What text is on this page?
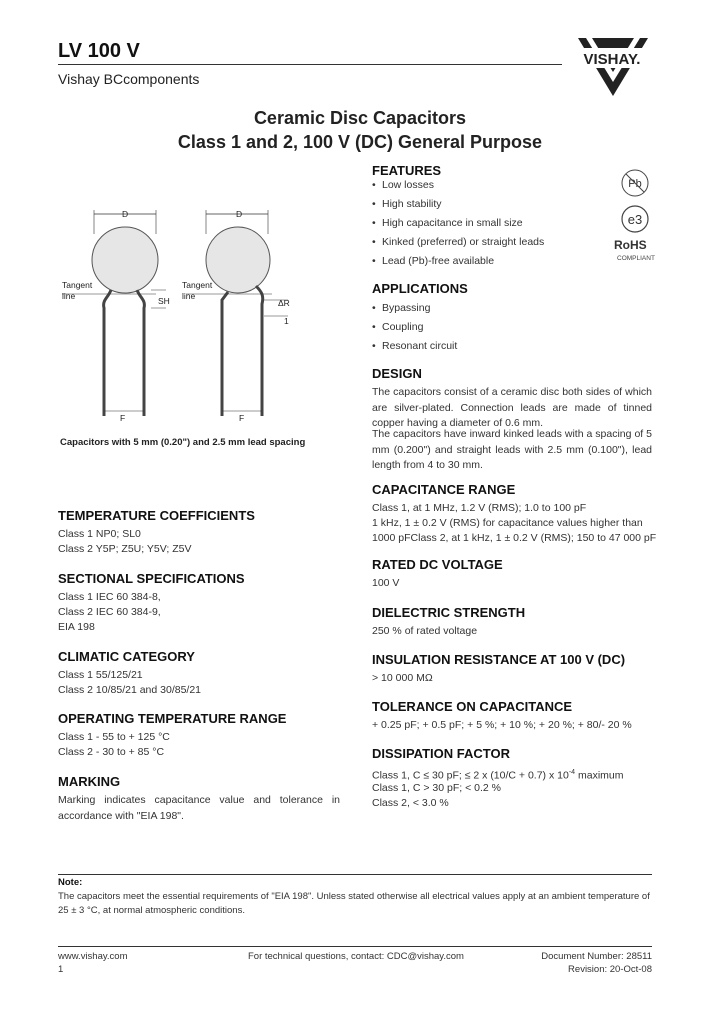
LV 100 V
Vishay BCcomponents
VISHAY.
Ceramic Disc Capacitors
Class 1 and 2, 100 V (DC) General Purpose
D
Tangent
line	SH
F
D
Tangent
line
ΔR
1
F
Capacitors with 5 mm (0.20") and 2.5 mm lead spacing
TEMPERATURE COEFFICIENTS
Class 1 NP0; SL0
Class 2 Y5P; Z5U; Y5V; Z5V
SECTIONAL SPECIFICATIONS
Class 1 IEC 60 384-8,
Class 2 IEC 60 384-9,
EIA 198
CLIMATIC CATEGORY
Class 1 55/125/21
Class 2 10/85/21 and 30/85/21
OPERATING TEMPERATURE RANGE
Class 1 - 55 to + 125 °C
Class 2 - 30 to + 85 °C
MARKING
Marking indicates capacitance value and tolerance in accordance with "EIA 198".
FEATURES
• Low losses
• High stability
• High capacitance in small size
• Kinked (preferred) or straight leads
• Lead (Pb)-free available
Pb
e3
RoHS
COMPLIANT
APPLICATIONS
• Bypassing
• Coupling
• Resonant circuit
DESIGN
The capacitors consist of a ceramic disc both sides of which are silver-plated. Connection leads are made of tinned copper having a diameter of 0.6 mm.
The capacitors have inward kinked leads with a spacing of 5 mm (0.200") and straight leads with 2.5 mm (0.100"), lead length from 4 to 30 mm.
CAPACITANCE RANGE
Class 1, at 1 MHz, 1.2 V (RMS); 1.0 to 100 pF
1 kHz, 1 ± 0.2 V (RMS) for capacitance values higher than
1000 pFClass 2, at 1 kHz, 1 ± 0.2 V (RMS); 150 to 47 000 pF
RATED DC VOLTAGE
100 V
DIELECTRIC STRENGTH
250 % of rated voltage
INSULATION RESISTANCE AT 100 V (DC)
> 10 000 MΩ
TOLERANCE ON CAPACITANCE
+ 0.25 pF; + 0.5 pF; + 5 %; + 10 %; + 20 %; + 80/- 20 %
DISSIPATION FACTOR
Class 1, C ≤ 30 pF; ≤ 2 x (10/C + 0.7) x $10^{-4}$ maximum
Class 1, C > 30 pF; < 0.2 %
Class 2, < 3.0 %
Note:
The capacitors meet the essential requirements of "EIA 198". Unless stated otherwise all electrical values apply at an ambient temperature of 25 ± 3 °C, at normal atmospheric conditions.
www.vishay.com
1
For technical questions, contact: CDC@vishay.com	Document Number: 28511
Revision: 20-Oct-08
